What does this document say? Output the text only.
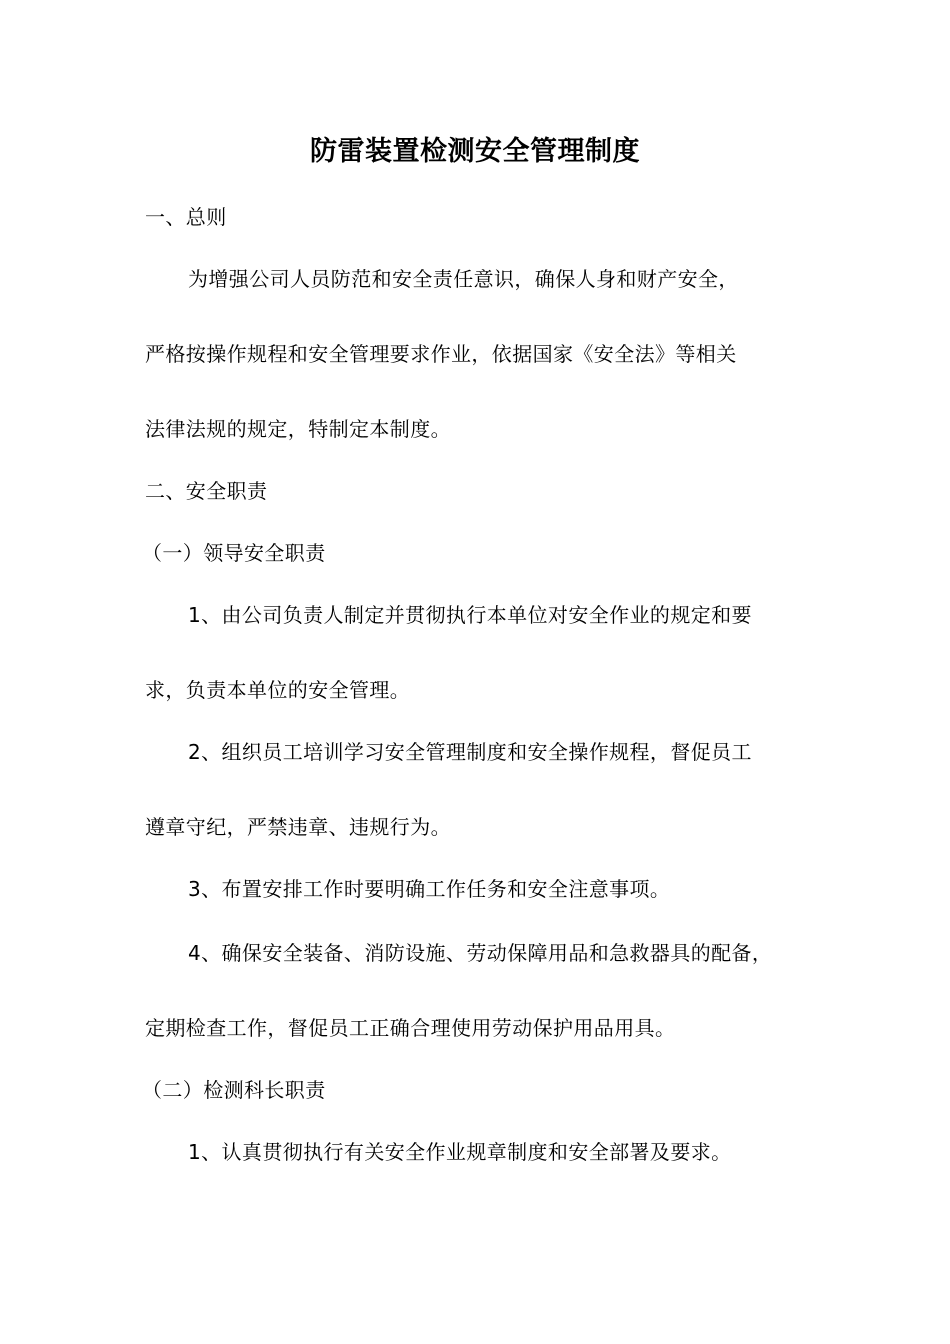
防雷装置检测安全管理制度
一、总则
为增强公司人员防范和安全责任意识，确保人身和财产安全，
严格按操作规程和安全管理要求作业，依据国家《安全法》等相关
法律法规的规定，特制定本制度。
二、安全职责
（一）领导安全职责
1、由公司负责人制定并贯彻执行本单位对安全作业的规定和要
求，负责本单位的安全管理。
2、组织员工培训学习安全管理制度和安全操作规程，督促员工
遵章守纪，严禁违章、违规行为。
3、布置安排工作时要明确工作任务和安全注意事项。
4、确保安全装备、消防设施、劳动保障用品和急救器具的配备，
定期检查工作，督促员工正确合理使用劳动保护用品用具。
（二）检测科长职责
1、认真贯彻执行有关安全作业规章制度和安全部署及要求。
